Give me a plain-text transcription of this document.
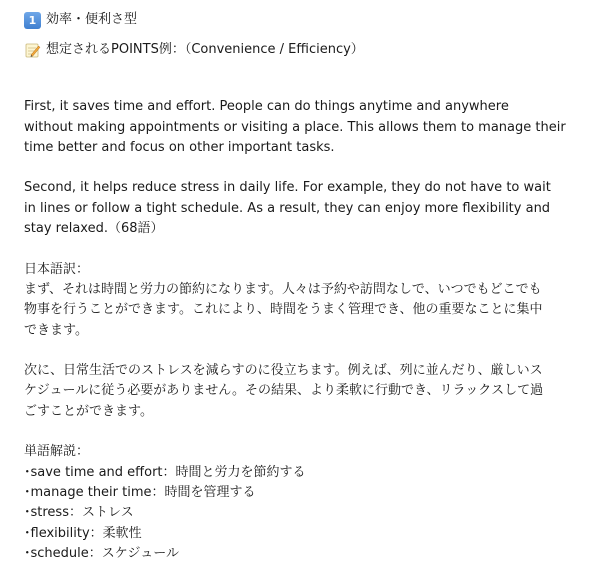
1 効率・便利さ型
想定されるPOINTS例：（Convenience / Efficiency）

First, it saves time and effort. People can do things anytime and anywhere

without making appointments or visiting a place. This allows them to manage their

time better and focus on other important tasks.

Second, it helps reduce stress in daily life. For example, they do not have to wait

in lines or follow a tight schedule. As a result, they can enjoy more flexibility and

stay relaxed.（68語）

日本語訳：

まず、それは時間と労力の節約になります。人々は予約や訪問なしで、いつでもどこでも

物事を行うことができます。これにより、時間をうまく管理でき、他の重要なことに集中

できます。

次に、日常生活でのストレスを減らすのに役立ちます。例えば、列に並んだり、厳しいス

ケジュールに従う必要がありません。その結果、より柔軟に行動でき、リラックスして過

ごすことができます。

単語解説：

･save time and effort：時間と労力を節約する

･manage their time：時間を管理する

･stress：ストレス

･flexibility：柔軟性

･schedule：スケジュール
